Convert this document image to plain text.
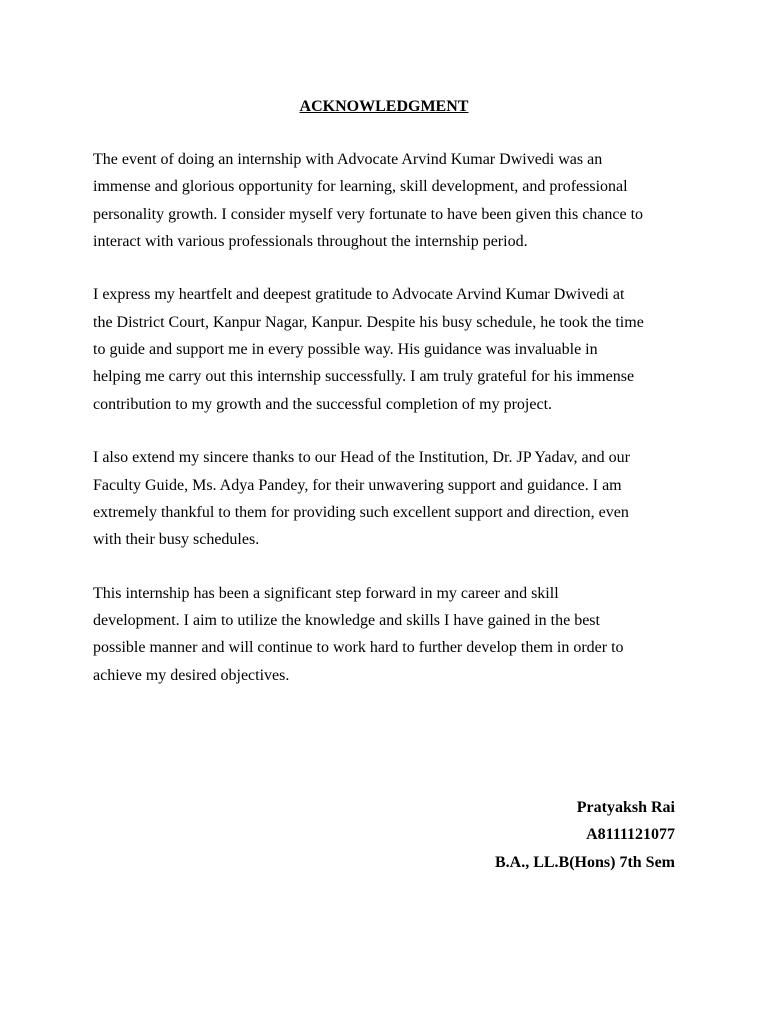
ACKNOWLEDGMENT

The event of doing an internship with Advocate Arvind Kumar Dwivedi was an
immense and glorious opportunity for learning, skill development, and professional
personality growth. I consider myself very fortunate to have been given this chance to
interact with various professionals throughout the internship period.

I express my heartfelt and deepest gratitude to Advocate Arvind Kumar Dwivedi at
the District Court, Kanpur Nagar, Kanpur. Despite his busy schedule, he took the time
to guide and support me in every possible way. His guidance was invaluable in
helping me carry out this internship successfully. I am truly grateful for his immense
contribution to my growth and the successful completion of my project.

I also extend my sincere thanks to our Head of the Institution, Dr. JP Yadav, and our
Faculty Guide, Ms. Adya Pandey, for their unwavering support and guidance. I am
extremely thankful to them for providing such excellent support and direction, even
with their busy schedules.

This internship has been a significant step forward in my career and skill
development. I aim to utilize the knowledge and skills I have gained in the best
possible manner and will continue to work hard to further develop them in order to
achieve my desired objectives.

Pratyaksh Rai
A8111121077
B.A., LL.B(Hons) 7th Sem
